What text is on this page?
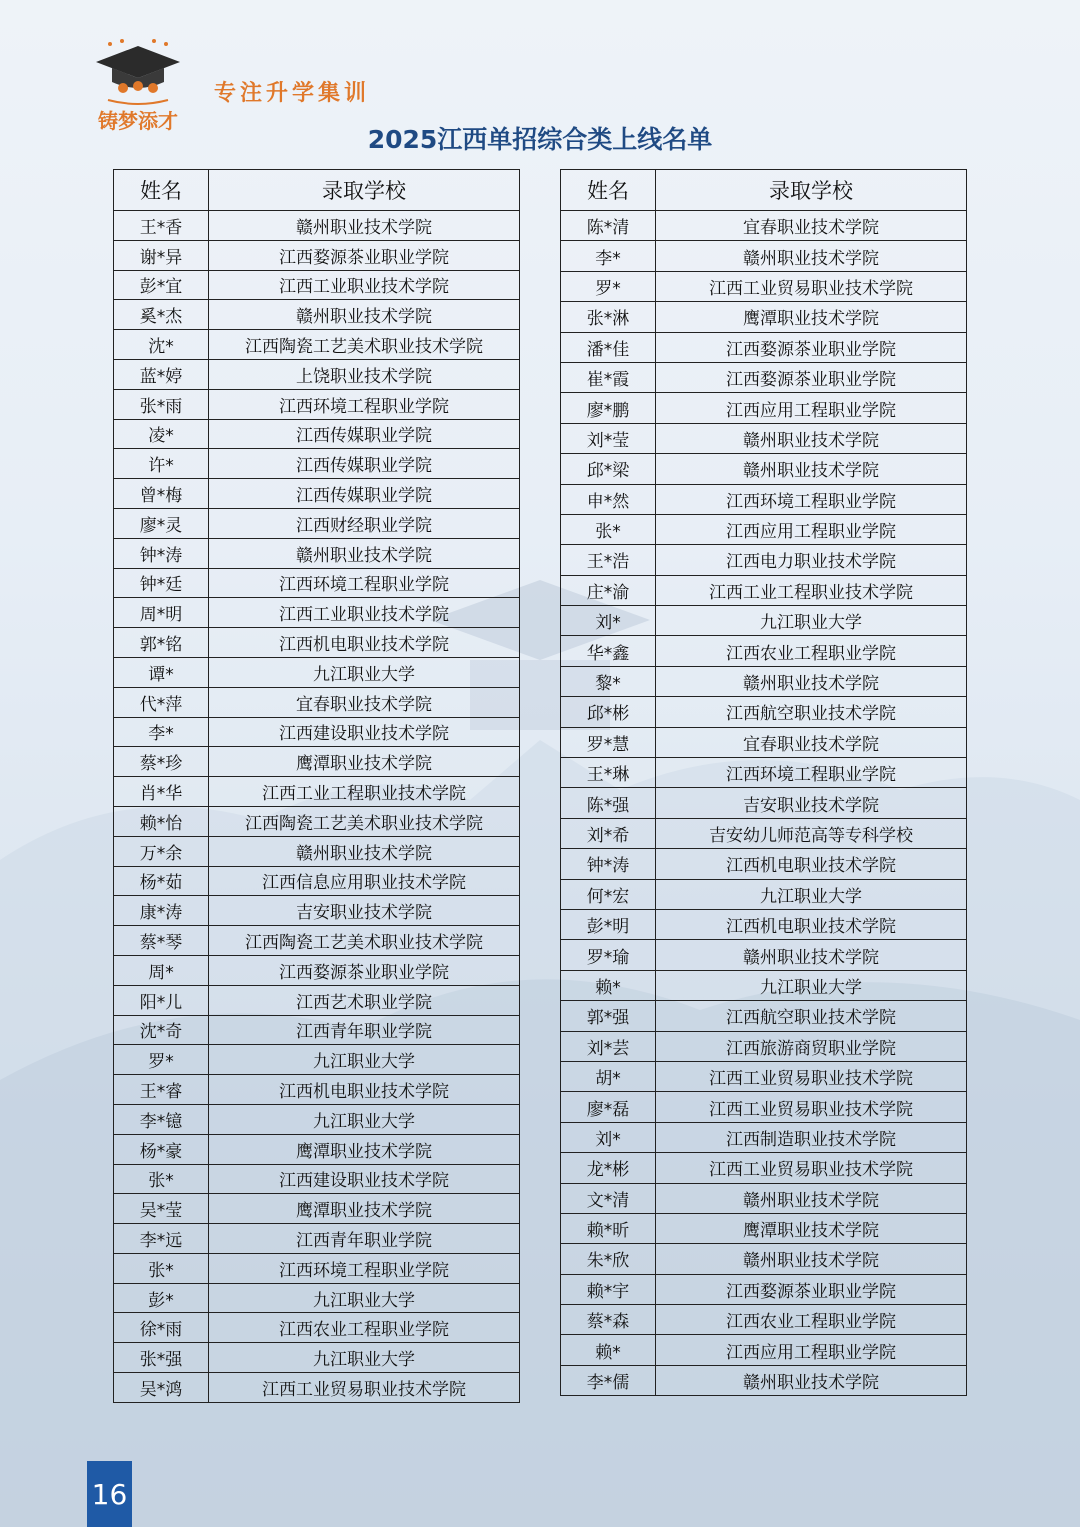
铸梦添才
专注升学集训
2025江西单招综合类上线名单
姓名	录取学校
王*香	赣州职业技术学院
谢*异	江西婺源茶业职业学院
彭*宜	江西工业职业技术学院
奚*杰	赣州职业技术学院
沈*	江西陶瓷工艺美术职业技术学院
蓝*婷	上饶职业技术学院
张*雨	江西环境工程职业学院
凌*	江西传媒职业学院
许*	江西传媒职业学院
曾*梅	江西传媒职业学院
廖*灵	江西财经职业学院
钟*涛	赣州职业技术学院
钟*廷	江西环境工程职业学院
周*明	江西工业职业技术学院
郭*铭	江西机电职业技术学院
谭*	九江职业大学
代*萍	宜春职业技术学院
李*	江西建设职业技术学院
蔡*珍	鹰潭职业技术学院
肖*华	江西工业工程职业技术学院
赖*怡	江西陶瓷工艺美术职业技术学院
万*余	赣州职业技术学院
杨*茹	江西信息应用职业技术学院
康*涛	吉安职业技术学院
蔡*琴	江西陶瓷工艺美术职业技术学院
周*	江西婺源茶业职业学院
阳*儿	江西艺术职业学院
沈*奇	江西青年职业学院
罗*	九江职业大学
王*睿	江西机电职业技术学院
李*镱	九江职业大学
杨*豪	鹰潭职业技术学院
张*	江西建设职业技术学院
吴*莹	鹰潭职业技术学院
李*远	江西青年职业学院
张*	江西环境工程职业学院
彭*	九江职业大学
徐*雨	江西农业工程职业学院
张*强	九江职业大学
吴*鸿	江西工业贸易职业技术学院
姓名	录取学校
陈*清	宜春职业技术学院
李*	赣州职业技术学院
罗*	江西工业贸易职业技术学院
张*淋	鹰潭职业技术学院
潘*佳	江西婺源茶业职业学院
崔*霞	江西婺源茶业职业学院
廖*鹏	江西应用工程职业学院
刘*莹	赣州职业技术学院
邱*梁	赣州职业技术学院
申*然	江西环境工程职业学院
张*	江西应用工程职业学院
王*浩	江西电力职业技术学院
庄*渝	江西工业工程职业技术学院
刘*	九江职业大学
华*鑫	江西农业工程职业学院
黎*	赣州职业技术学院
邱*彬	江西航空职业技术学院
罗*慧	宜春职业技术学院
王*琳	江西环境工程职业学院
陈*强	吉安职业技术学院
刘*希	吉安幼儿师范高等专科学校
钟*涛	江西机电职业技术学院
何*宏	九江职业大学
彭*明	江西机电职业技术学院
罗*瑜	赣州职业技术学院
赖*	九江职业大学
郭*强	江西航空职业技术学院
刘*芸	江西旅游商贸职业学院
胡*	江西工业贸易职业技术学院
廖*磊	江西工业贸易职业技术学院
刘*	江西制造职业技术学院
龙*彬	江西工业贸易职业技术学院
文*清	赣州职业技术学院
赖*昕	鹰潭职业技术学院
朱*欣	赣州职业技术学院
赖*宇	江西婺源茶业职业学院
蔡*森	江西农业工程职业学院
赖*	江西应用工程职业学院
李*儒	赣州职业技术学院
16
